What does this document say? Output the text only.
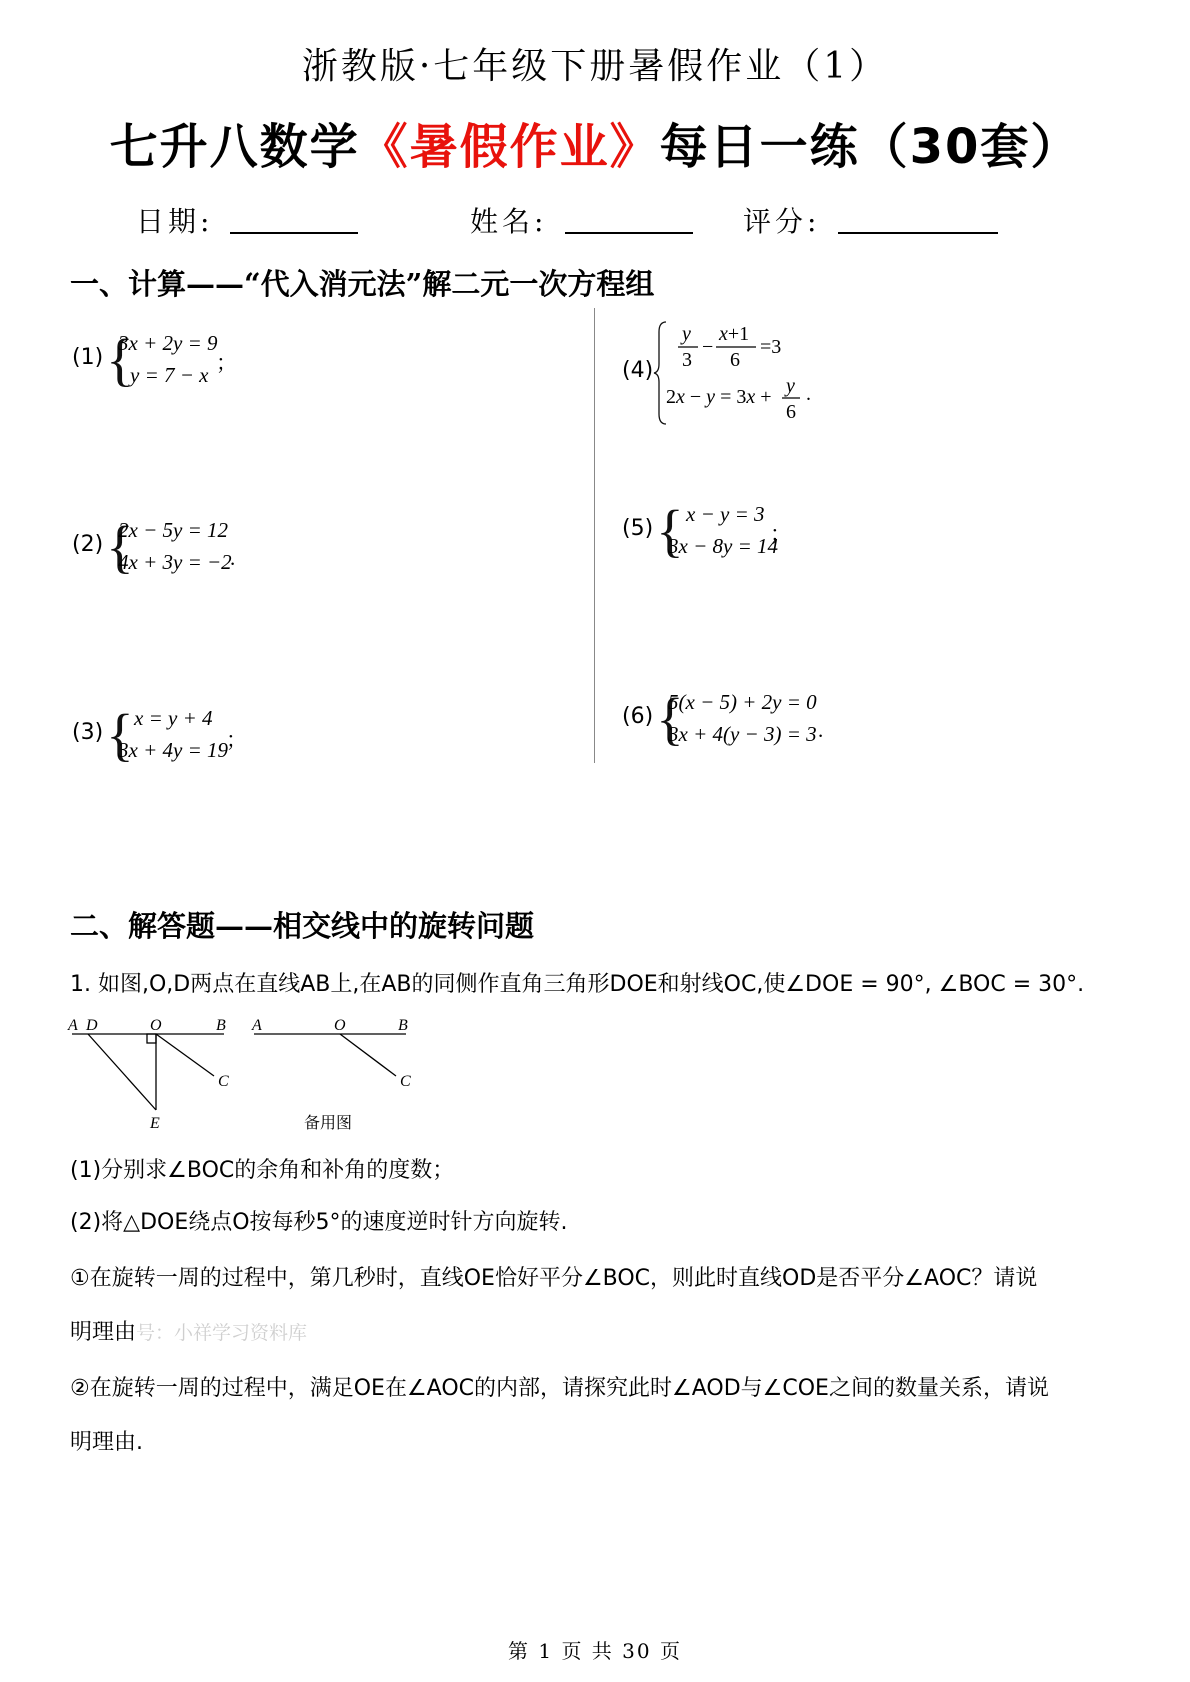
浙教版·七年级下册暑假作业（1）
七升八数学《暑假作业》每日一练（30套）
日期:	姓名:	评分:
一、计算——“代入消元法”解二元一次方程组
(1) {
3x + 2y = 9
y = 7 − x ；
(2) {
2x − 5y = 12
4x + 3y = −2
.
(3) { x = y + 4
3x + 4y = 19
；
(4)
y
3
−
x+1
6
=3
2x − y = 3x + y
6
.
(5) { x − y = 3
3x − 8y = 14
；
(6) {
5(x − 5) + 2y = 0
3x + 4(y − 3) = 3 .
二、解答题——相交线中的旋转问题
1. 如图,O,D两点在直线AB上,在AB的同侧作直角三角形DOE和射线OC,使∠DOE = 90°, ∠BOC = 30°.
A D	O	B
C
E
A	O	B
C
备用图
(1)分别求∠BOC的余角和补角的度数；
(2)将△DOE绕点O按每秒5°的速度逆时针方向旋转.
①在旋转一周的过程中，第几秒时，直线OE恰好平分∠BOC，则此时直线OD是否平分∠AOC？请说
明理由号：小祥学习资料库
②在旋转一周的过程中，满足OE在∠AOC的内部，请探究此时∠AOD与∠COE之间的数量关系，请说
明理由.
第 1 页 共 30 页
